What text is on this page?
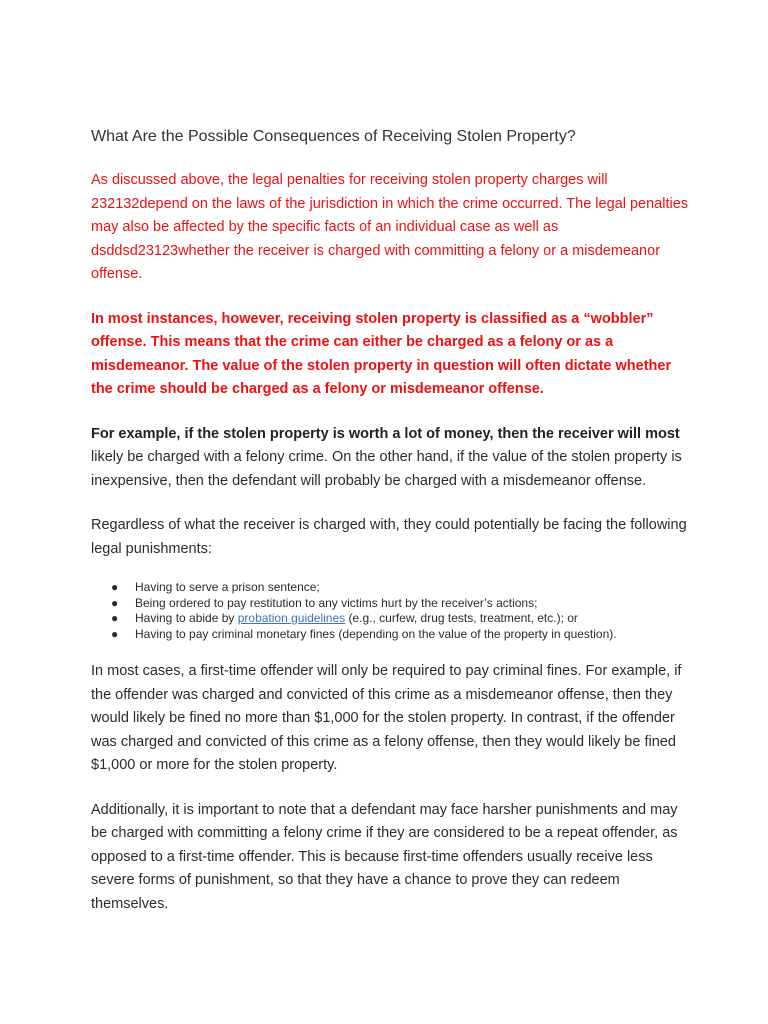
What Are the Possible Consequences of Receiving Stolen Property?

As discussed above, the legal penalties for receiving stolen property charges will 232132depend on the laws of the jurisdiction in which the crime occurred. The legal penalties may also be affected by the specific facts of an individual case as well as dsddsd23123whether the receiver is charged with committing a felony or a misdemeanor offense.

In most instances, however, receiving stolen property is classified as a “wobbler” offense. This means that the crime can either be charged as a felony or as a misdemeanor. The value of the stolen property in question will often dictate whether the crime should be charged as a felony or misdemeanor offense.

For example, if the stolen property is worth a lot of money, then the receiver will most likely be charged with a felony crime. On the other hand, if the value of the stolen property is inexpensive, then the defendant will probably be charged with a misdemeanor offense.

Regardless of what the receiver is charged with, they could potentially be facing the following legal punishments:

● Having to serve a prison sentence;
● Being ordered to pay restitution to any victims hurt by the receiver’s actions;
● Having to abide by probation guidelines (e.g., curfew, drug tests, treatment, etc.); or
● Having to pay criminal monetary fines (depending on the value of the property in question).

In most cases, a first-time offender will only be required to pay criminal fines. For example, if the offender was charged and convicted of this crime as a misdemeanor offense, then they would likely be fined no more than $1,000 for the stolen property. In contrast, if the offender was charged and convicted of this crime as a felony offense, then they would likely be fined $1,000 or more for the stolen property.

Additionally, it is important to note that a defendant may face harsher punishments and may be charged with committing a felony crime if they are considered to be a repeat offender, as opposed to a first-time offender. This is because first-time offenders usually receive less severe forms of punishment, so that they have a chance to prove they can redeem themselves.
